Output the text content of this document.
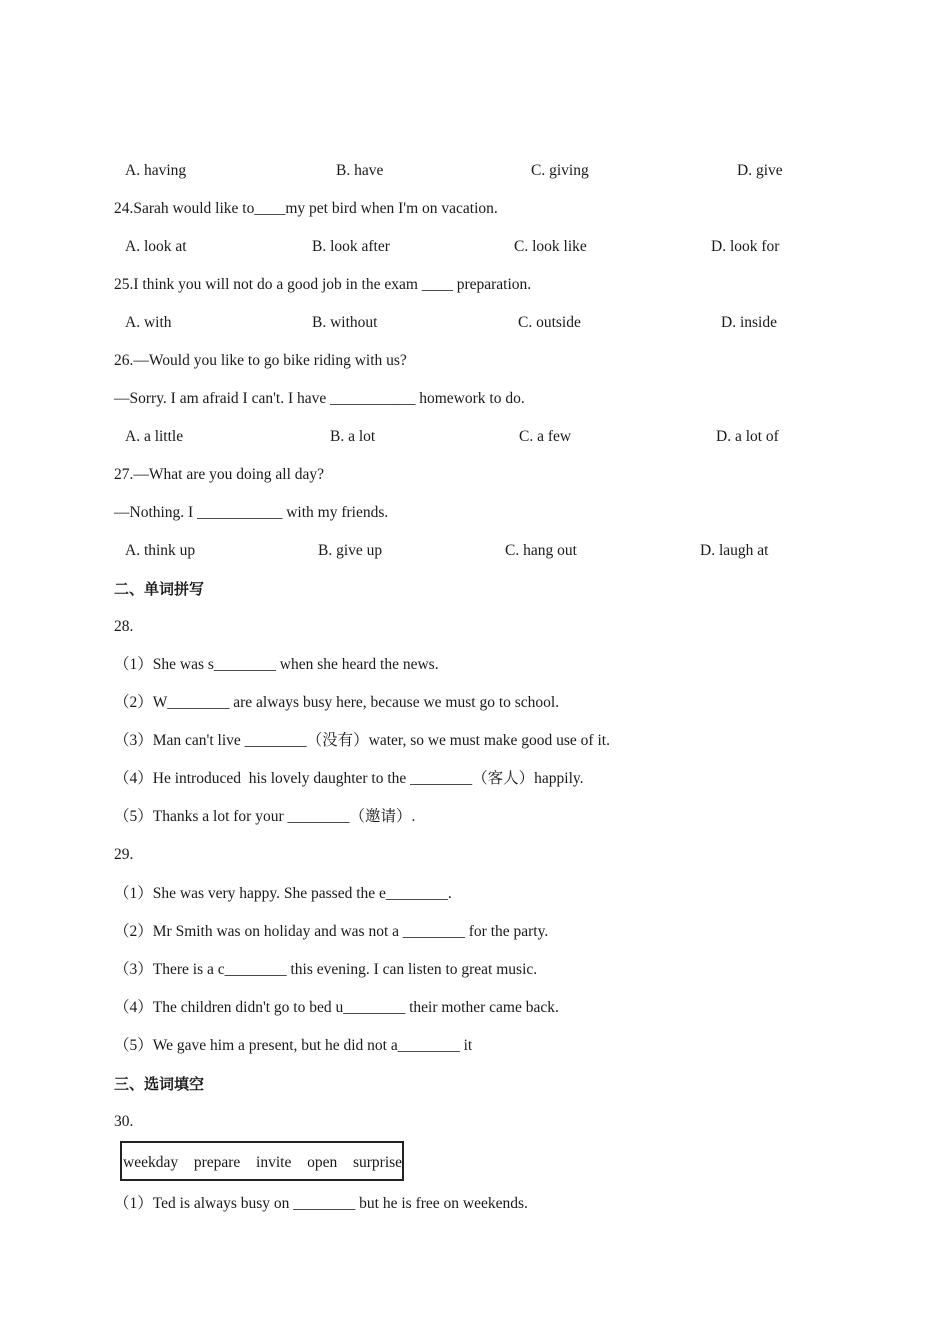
A. having	B. have	C. giving	D. give
24.Sarah would like to____my pet bird when I'm on vacation.
A. look at	B. look after	C. look like	D. look for
25.I think you will not do a good job in the exam ____ preparation.
A. with	B. without	C. outside	D. inside
26.—Would you like to go bike riding with us?
—Sorry. I am afraid I can't. I have ___________ homework to do.
A. a little	B. a lot	C. a few	D. a lot of
27.—What are you doing all day?
—Nothing. I ___________ with my friends.
A. think up	B. give up	C. hang out	D. laugh at
二、单词拼写
28.
（1）She was s________ when she heard the news.
（2）W________ are always busy here, because we must go to school.
（3）Man can't live ________（没有）water, so we must make good use of it.
（4）He introduced  his lovely daughter to the ________（客人）happily.
（5）Thanks a lot for your ________（邀请）.
29.
（1）She was very happy. She passed the e________.
（2）Mr Smith was on holiday and was not a ________ for the party.
（3）There is a c________ this evening. I can listen to great music.
（4）The children didn't go to bed u________ their mother came back.
（5）We gave him a present, but he did not a________ it
三、选词填空
30.
weekday  prepare  invite  open  surprise
（1）Ted is always busy on ________ but he is free on weekends.
